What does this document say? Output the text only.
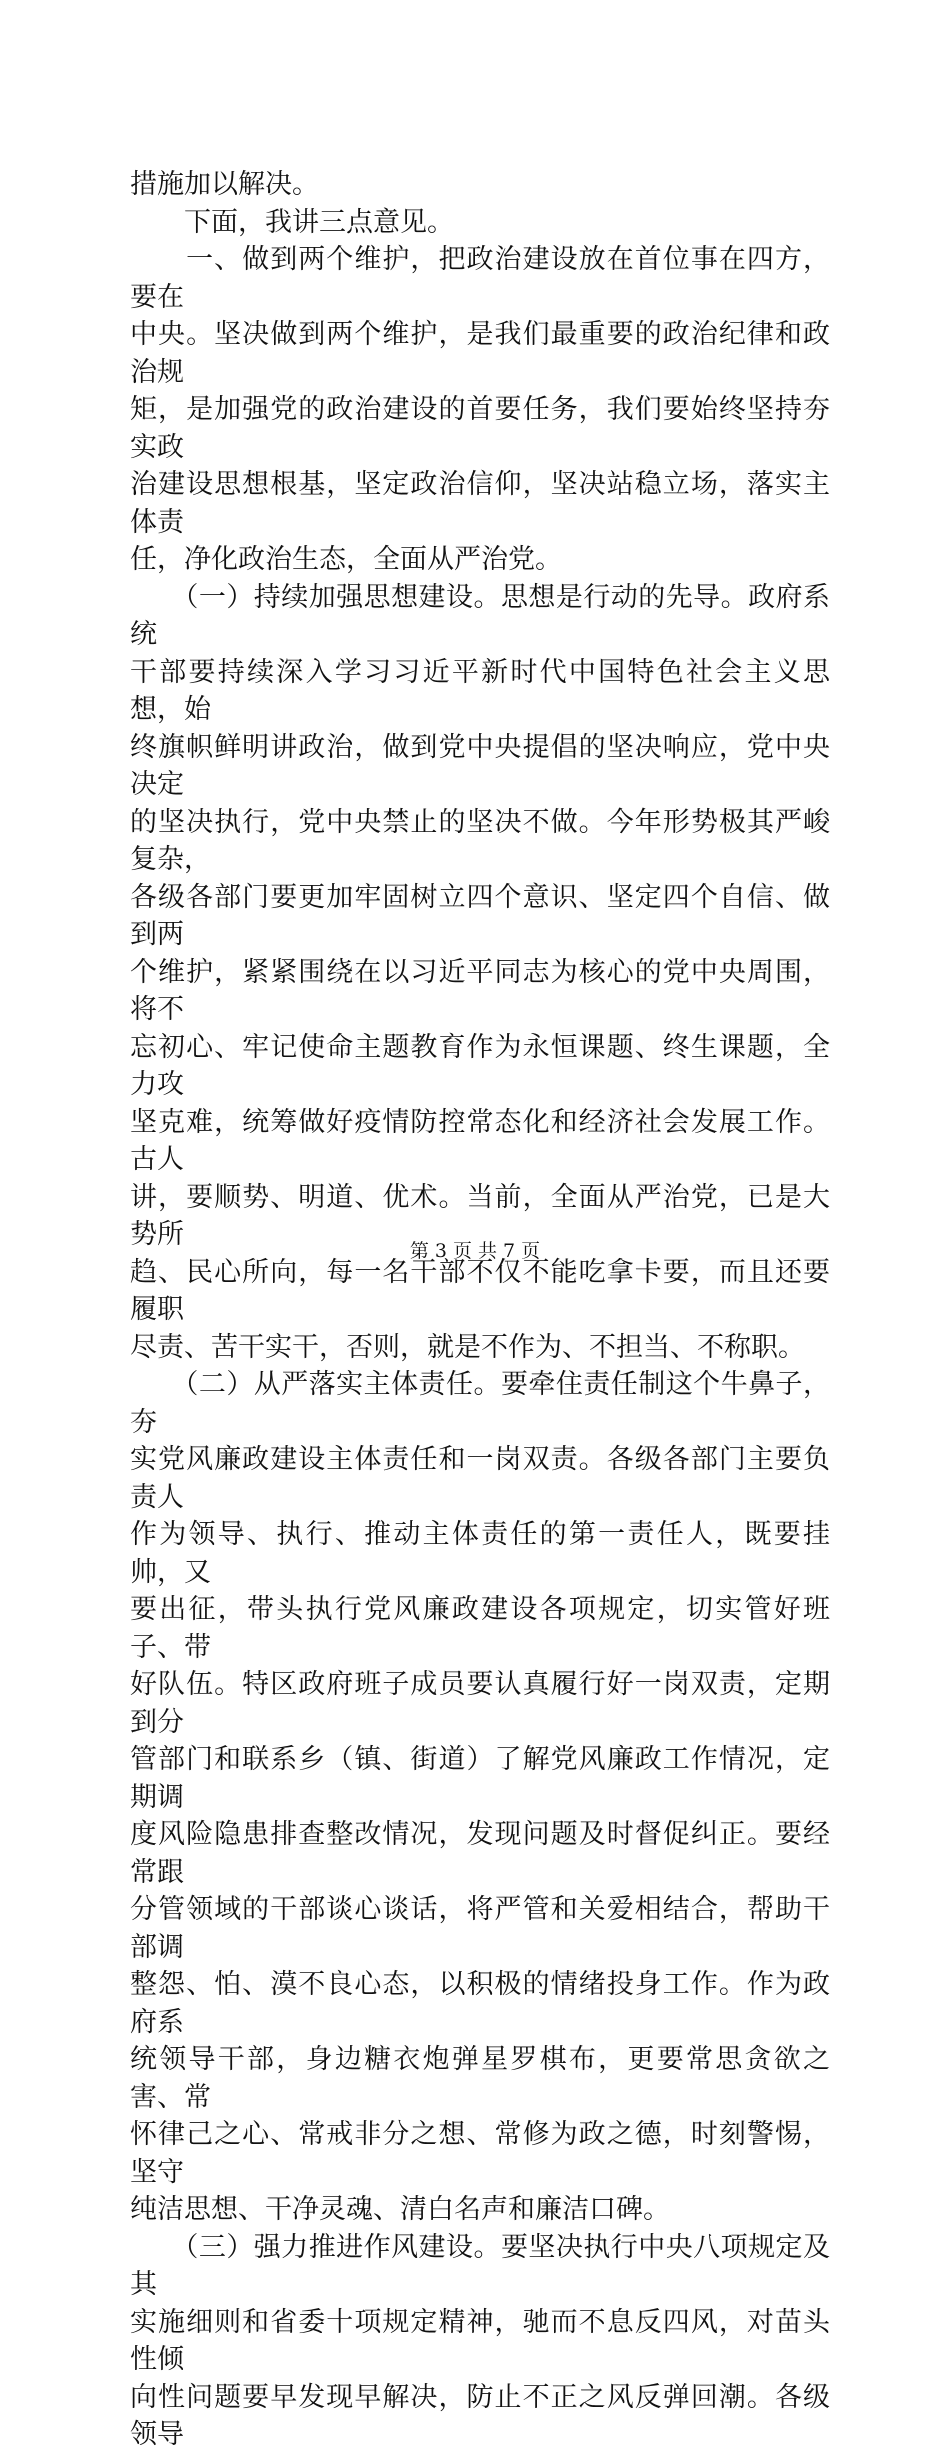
措施加以解决。

　　下面，我讲三点意见。

　　一、做到两个维护，把政治建设放在首位事在四方，要在

中央。坚决做到两个维护，是我们最重要的政治纪律和政治规

矩，是加强党的政治建设的首要任务，我们要始终坚持夯实政

治建设思想根基，坚定政治信仰，坚决站稳立场，落实主体责

任，净化政治生态，全面从严治党。

　　（一）持续加强思想建设。思想是行动的先导。政府系统

干部要持续深入学习习近平新时代中国特色社会主义思想，始

终旗帜鲜明讲政治，做到党中央提倡的坚决响应，党中央决定

的坚决执行，党中央禁止的坚决不做。今年形势极其严峻复杂，

各级各部门要更加牢固树立四个意识、坚定四个自信、做到两

个维护，紧紧围绕在以习近平同志为核心的党中央周围，将不

忘初心、牢记使命主题教育作为永恒课题、终生课题，全力攻

坚克难，统筹做好疫情防控常态化和经济社会发展工作。古人

讲，要顺势、明道、优术。当前，全面从严治党，已是大势所

趋、民心所向，每一名干部不仅不能吃拿卡要，而且还要履职

尽责、苦干实干，否则，就是不作为、不担当、不称职。

　　（二）从严落实主体责任。要牵住责任制这个牛鼻子，夯

实党风廉政建设主体责任和一岗双责。各级各部门主要负责人

作为领导、执行、推动主体责任的第一责任人，既要挂帅，又

要出征，带头执行党风廉政建设各项规定，切实管好班子、带

好队伍。特区政府班子成员要认真履行好一岗双责，定期到分

管部门和联系乡（镇、街道）了解党风廉政工作情况，定期调

度风险隐患排查整改情况，发现问题及时督促纠正。要经常跟

分管领域的干部谈心谈话，将严管和关爱相结合，帮助干部调

整怨、怕、漠不良心态，以积极的情绪投身工作。作为政府系

统领导干部，身边糖衣炮弹星罗棋布，更要常思贪欲之害、常

怀律己之心、常戒非分之想、常修为政之德，时刻警惕，坚守

纯洁思想、干净灵魂、清白名声和廉洁口碑。

　　（三）强力推进作风建设。要坚决执行中央八项规定及其

实施细则和省委十项规定精神，驰而不息反四风，对苗头性倾

向性问题要早发现早解决，防止不正之风反弹回潮。各级领导

第 3 页 共 7 页
